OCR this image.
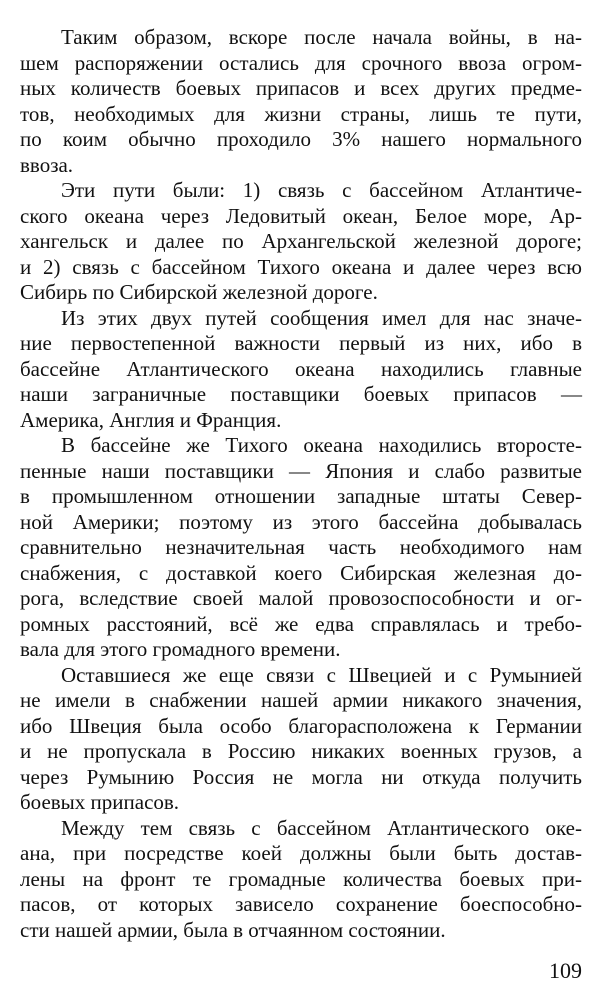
Таким образом, вскоре после начала войны, в на-
шем распоряжении остались для срочного ввоза огром-
ных количеств боевых припасов и всех других предме-
тов, необходимых для жизни страны, лишь те пути,
по коим обычно проходило 3% нашего нормального
ввоза.
Эти пути были: 1) связь с бассейном Атлантиче-
ского океана через Ледовитый океан, Белое море, Ар-
хангельск и далее по Архангельской железной дороге;
и 2) связь с бассейном Тихого океана и далее через всю
Сибирь по Сибирской железной дороге.
Из этих двух путей сообщения имел для нас значе-
ние первостепенной важности первый из них, ибо в
бассейне Атлантического океана находились главные
наши заграничные поставщики боевых припасов —
Америка, Англия и Франция.
В бассейне же Тихого океана находились второсте-
пенные наши поставщики — Япония и слабо развитые
в промышленном отношении западные штаты Север-
ной Америки; поэтому из этого бассейна добывалась
сравнительно незначительная часть необходимого нам
снабжения, с доставкой коего Сибирская железная до-
рога, вследствие своей малой провозоспособности и ог-
ромных расстояний, всё же едва справлялась и требо-
вала для этого громадного времени.
Оставшиеся же еще связи с Швецией и с Румынией
не имели в снабжении нашей армии никакого значения,
ибо Швеция была особо благорасположена к Германии
и не пропускала в Россию никаких военных грузов, а
через Румынию Россия не могла ни откуда получить
боевых припасов.
Между тем связь с бассейном Атлантического оке-
ана, при посредстве коей должны были быть достав-
лены на фронт те громадные количества боевых при-
пасов, от которых зависело сохранение боеспособно-
сти нашей армии, была в отчаянном состоянии.
109
